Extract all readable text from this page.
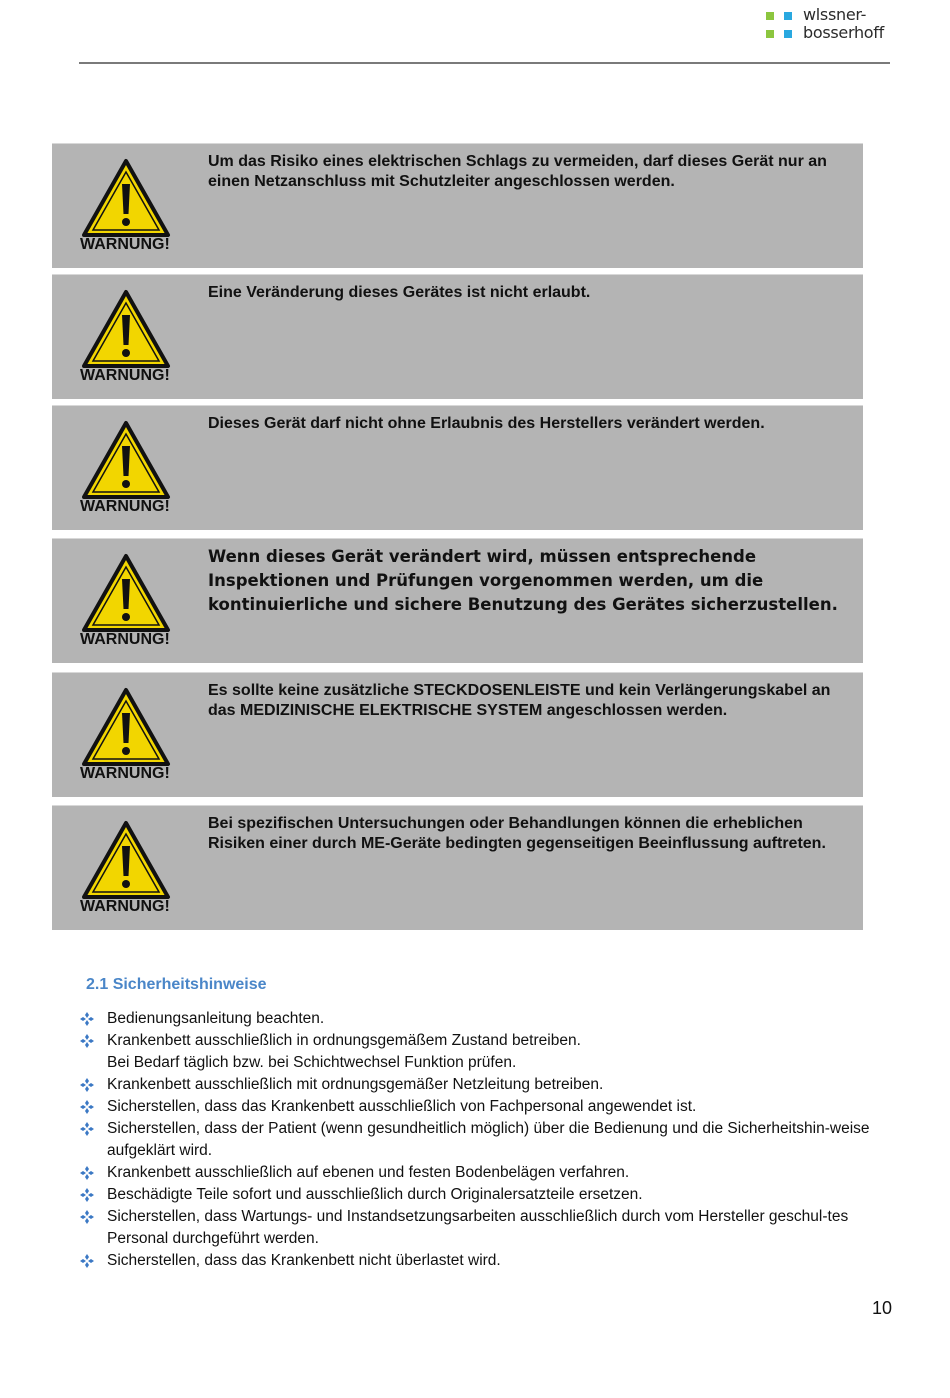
wlssner-
bosserhoff
WARNUNG!
Um das Risiko eines elektrischen Schlags zu vermeiden, darf dieses Gerät nur an einen Netzanschluss mit Schutzleiter angeschlossen werden.
WARNUNG!
Eine Veränderung dieses Gerätes ist nicht erlaubt.
WARNUNG!
Dieses Gerät darf nicht ohne Erlaubnis des Herstellers verändert werden.
WARNUNG!
Wenn dieses Gerät verändert wird, müssen entsprechende Inspektionen und Prüfungen vorgenommen werden, um die kontinuierliche und sichere Benutzung des Gerätes sicherzustellen.
WARNUNG!
Es sollte keine zusätzliche STECKDOSENLEISTE und kein Verlängerungskabel an das MEDIZINISCHE ELEKTRISCHE SYSTEM angeschlossen werden.
WARNUNG!
Bei spezifischen Untersuchungen oder Behandlungen können die erheblichen Risiken einer durch ME-Geräte bedingten gegenseitigen Beeinflussung auftreten.
2.1 Sicherheitshinweise
Bedienungsanleitung beachten.
Krankenbett ausschließlich in ordnungsgemäßem Zustand betreiben.
Bei Bedarf täglich bzw. bei Schichtwechsel Funktion prüfen.
Krankenbett ausschließlich mit ordnungsgemäßer Netzleitung betreiben.
Sicherstellen, dass das Krankenbett ausschließlich von Fachpersonal angewendet ist.
Sicherstellen, dass der Patient (wenn gesundheitlich möglich) über die Bedienung und die Sicherheitshin-weise aufgeklärt wird.
Krankenbett ausschließlich auf ebenen und festen Bodenbelägen verfahren.
Beschädigte Teile sofort und ausschließlich durch Originalersatzteile ersetzen.
Sicherstellen, dass Wartungs- und Instandsetzungsarbeiten ausschließlich durch vom Hersteller geschul-tes Personal durchgeführt werden.
Sicherstellen, dass das Krankenbett nicht überlastet wird.
10
